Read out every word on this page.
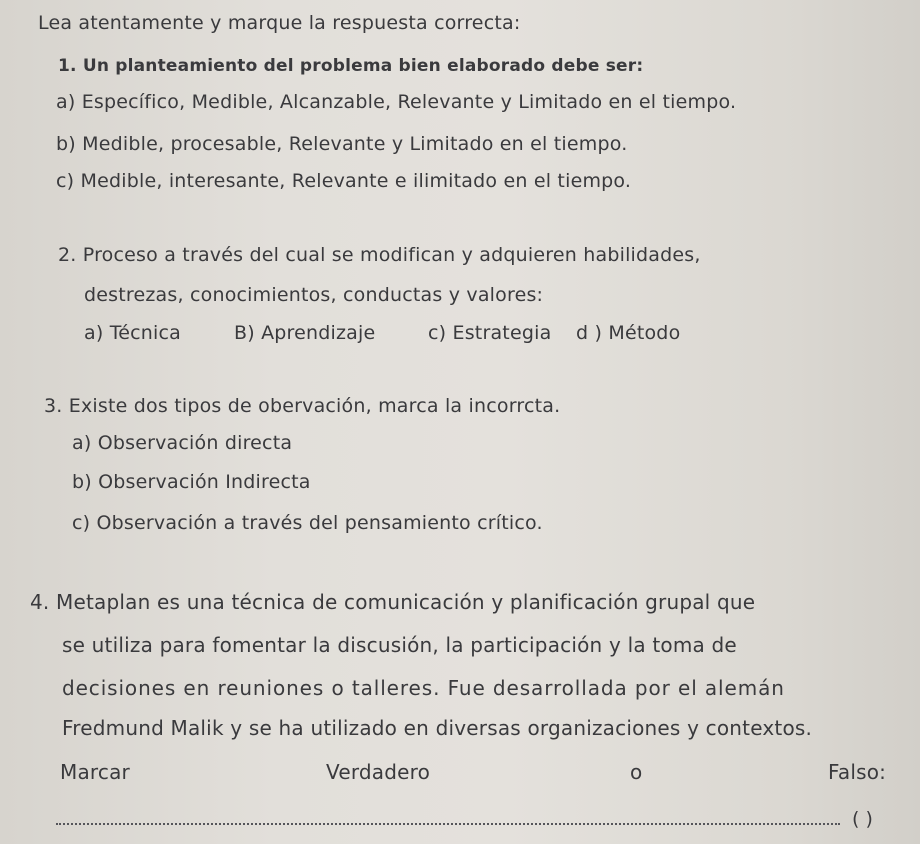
Lea atentamente y marque la respuesta correcta:
1. Un planteamiento del problema bien elaborado debe ser:
a) Específico, Medible, Alcanzable, Relevante y Limitado en el tiempo.
b) Medible, procesable, Relevante y Limitado en el tiempo.
c) Medible, interesante, Relevante e ilimitado en el tiempo.
2. Proceso a través del cual se modifican y adquieren habilidades,
destrezas, conocimientos, conductas y valores:
a) Técnica	B) Aprendizaje	c) Estrategia d ) Método
3. Existe dos tipos de obervación, marca la incorrcta.
a) Observación directa
b) Observación Indirecta
c) Observación a través del pensamiento crítico.
4. Metaplan es una técnica de comunicación y planificación grupal que
se utiliza para fomentar la discusión, la participación y la toma de
decisiones en reuniones o talleres. Fue desarrollada por el alemán
Fredmund Malik y se ha utilizado en diversas organizaciones y contextos.
Marcar	Verdadero	o	Falso:
( )
